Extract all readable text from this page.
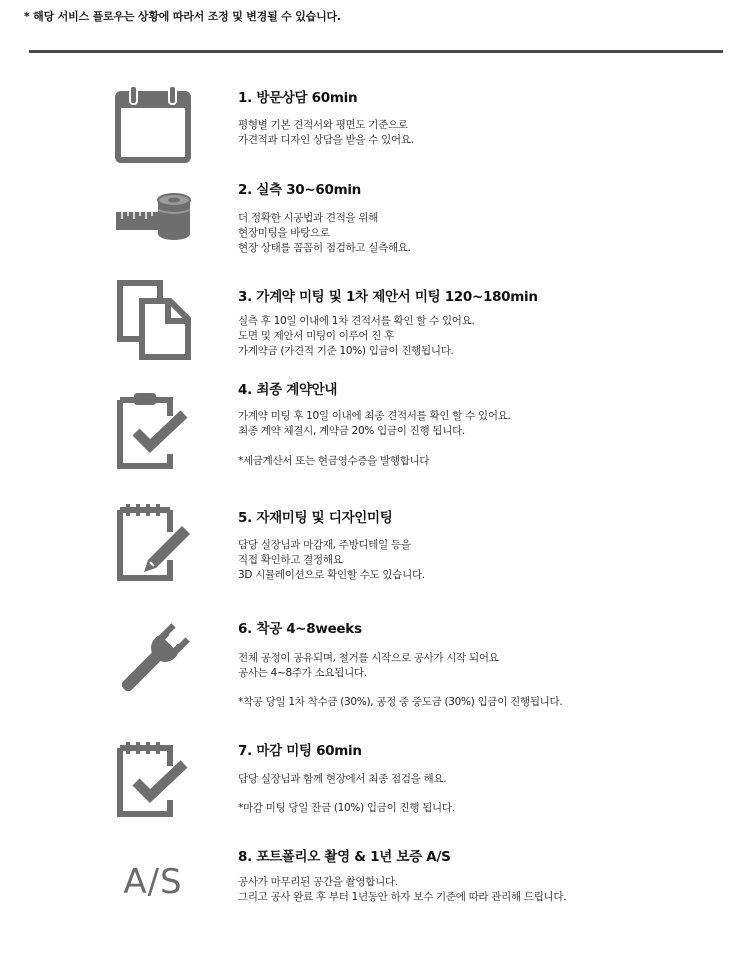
* 해당 서비스 플로우는 상황에 따라서 조정 및 변경될 수 있습니다.
1. 방문상담 60min
평형별 기본 견적서와 평면도 기준으로
가견적과 디자인 상담을 받을 수 있어요.
2. 실측 30~60min
더 정확한 시공법과 견적을 위해
현장미팅을 바탕으로
현장 상태를 꼼꼼히 점검하고 실측해요.
3. 가계약 미팅 및 1차 제안서 미팅 120~180min
실측 후 10일 이내에 1차 견적서를 확인 할 수 있어요.
도면 및 제안서 미팅이 이루어 진 후
가계약금 (가견적 기준 10%) 입금이 진행됩니다.
4. 최종 계약안내
가계약 미팅 후 10일 이내에 최종 견적서를 확인 할 수 있어요.
최종 계약 체결시, 계약금 20% 입금이 진행 됩니다.
*세금계산서 또는 현금영수증을 발행합니다
5. 자재미팅 및 디자인미팅
담당 실장님과 마감재, 주방디테일 등을
직접 확인하고 결정해요
3D 시뮬레이션으로 확인할 수도 있습니다.
6. 착공 4~8weeks
전체 공정이 공유되며, 철거를 시작으로 공사가 시작 되어요
공사는 4~8주가 소요됩니다.
*착공 당일 1차 착수금 (30%), 공정 중 중도금 (30%) 입금이 진행됩니다.
7. 마감 미팅 60min
담당 실장님과 함께 현장에서 최종 점검을 해요.
*마감 미팅 당일 잔금 (10%) 입금이 진행 됩니다.
A/S
8. 포트폴리오 촬영 & 1년 보증 A/S
공사가 마무리된 공간을 촬영합니다.
그리고 공사 완료 후 부터 1년동안 하자 보수 기준에 따라 관리해 드립니다.
